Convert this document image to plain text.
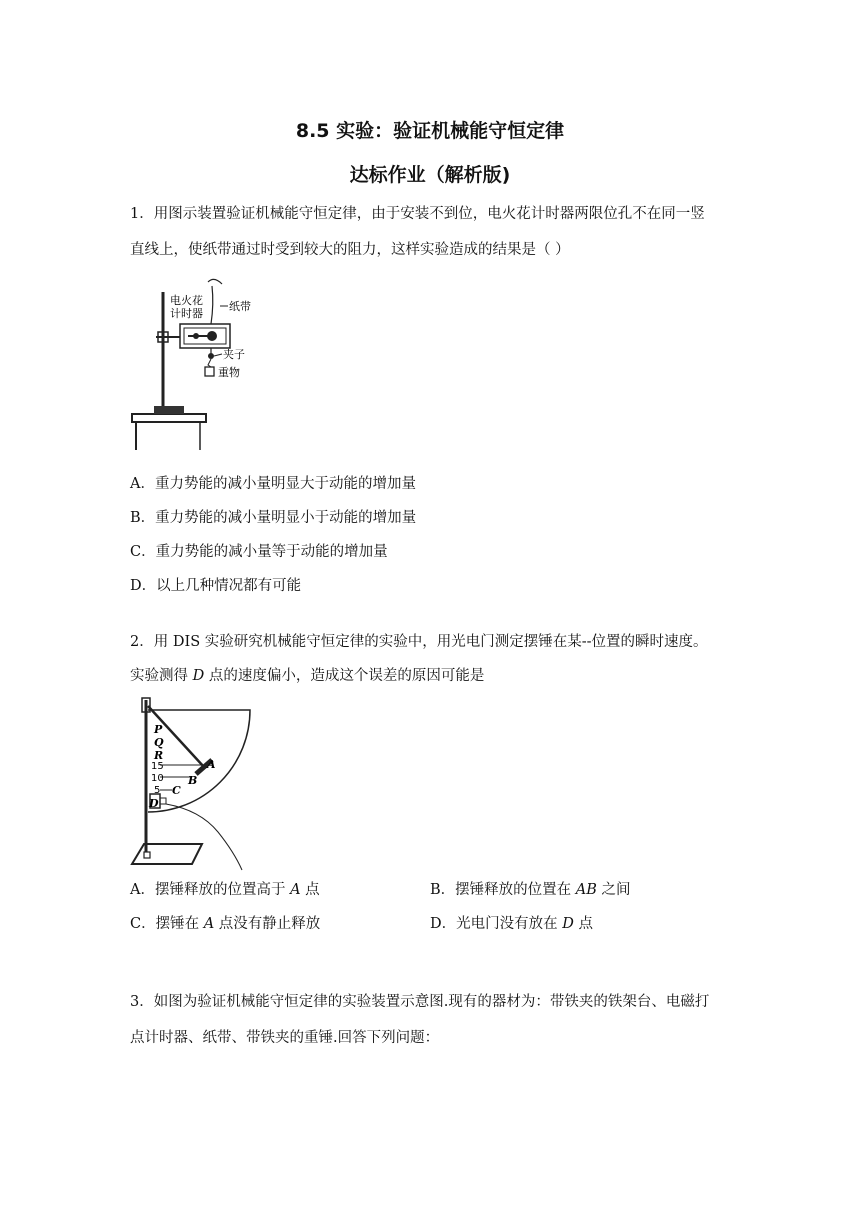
8.5 实验：验证机械能守恒定律
达标作业（解析版)
1．用图示装置验证机械能守恒定律，由于安装不到位，电火花计时器两限位孔不在同一竖
直线上，使纸带通过时受到较大的阻力，这样实验造成的结果是（ ）
电火花
计时器
纸带
夹子
重物
A．重力势能的减小量明显大于动能的增加量
B．重力势能的减小量明显小于动能的增加量
C．重力势能的减小量等于动能的增加量
D．以上几种情况都有可能
2．用 DIS 实验研究机械能守恒定律的实验中，用光电门测定摆锤在某--位置的瞬时速度。
实验测得 D 点的速度偏小，造成这个误差的原因可能是
P
Q
R
A
B
C
D
15
10
5
A．摆锤释放的位置高于 A 点	B．摆锤释放的位置在 AB 之间
C．摆锤在 A 点没有静止释放	D．光电门没有放在 D 点
3．如图为验证机械能守恒定律的实验装置示意图.现有的器材为：带铁夹的铁架台、电磁打
点计时器、纸带、带铁夹的重锤.回答下列问题：
